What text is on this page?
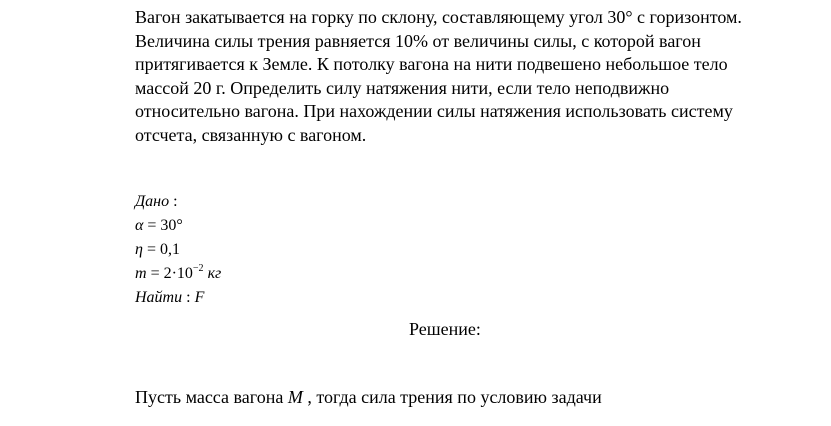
Вагон закатывается на горку по склону, составляющему угол 30° с горизонтом. Величина силы трения равняется 10% от величины силы, с которой вагон притягивается к Земле. К потолку вагона на нити подвешено небольшое тело массой 20 г. Определить силу натяжения нити, если тело неподвижно относительно вагона. При нахождении силы натяжения использовать систему отсчета, связанную с вагоном.
Дано :
α = 30°
η = 0,1
$m = 2\cdot 10^{-2}$ кг
Найти : F
Решение:
Пусть масса вагона M , тогда сила трения по условию задачи
